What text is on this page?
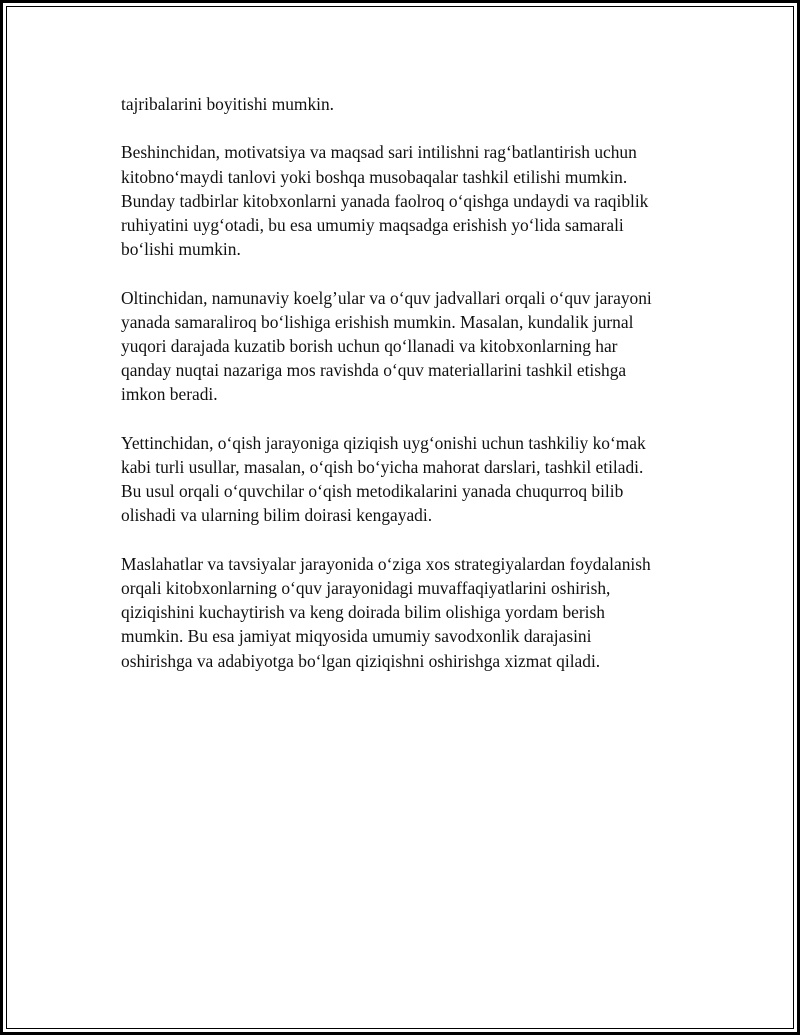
tajribalarini boyitishi mumkin.

Beshinchidan, motivatsiya va maqsad sari intilishni rag‘batlantirish uchun
kitobno‘maydi tanlovi yoki boshqa musobaqalar tashkil etilishi mumkin.
Bunday tadbirlar kitobxonlarni yanada faolroq o‘qishga undaydi va raqiblik
ruhiyatini uyg‘otadi, bu esa umumiy maqsadga erishish yo‘lida samarali
bo‘lishi mumkin.

Oltinchidan, namunaviy koelg’ular va o‘quv jadvallari orqali o‘quv jarayoni
yanada samaraliroq bo‘lishiga erishish mumkin. Masalan, kundalik jurnal
yuqori darajada kuzatib borish uchun qo‘llanadi va kitobxonlarning har
qanday nuqtai nazariga mos ravishda o‘quv materiallarini tashkil etishga
imkon beradi.

Yettinchidan, o‘qish jarayoniga qiziqish uyg‘onishi uchun tashkiliy ko‘mak
kabi turli usullar, masalan, o‘qish bo‘yicha mahorat darslari, tashkil etiladi.
Bu usul orqali o‘quvchilar o‘qish metodikalarini yanada chuqurroq bilib
olishadi va ularning bilim doirasi kengayadi.

Maslahatlar va tavsiyalar jarayonida o‘ziga xos strategiyalardan foydalanish
orqali kitobxonlarning o‘quv jarayonidagi muvaffaqiyatlarini oshirish,
qiziqishini kuchaytirish va keng doirada bilim olishiga yordam berish
mumkin. Bu esa jamiyat miqyosida umumiy savodxonlik darajasini
oshirishga va adabiyotga bo‘lgan qiziqishni oshirishga xizmat qiladi.
